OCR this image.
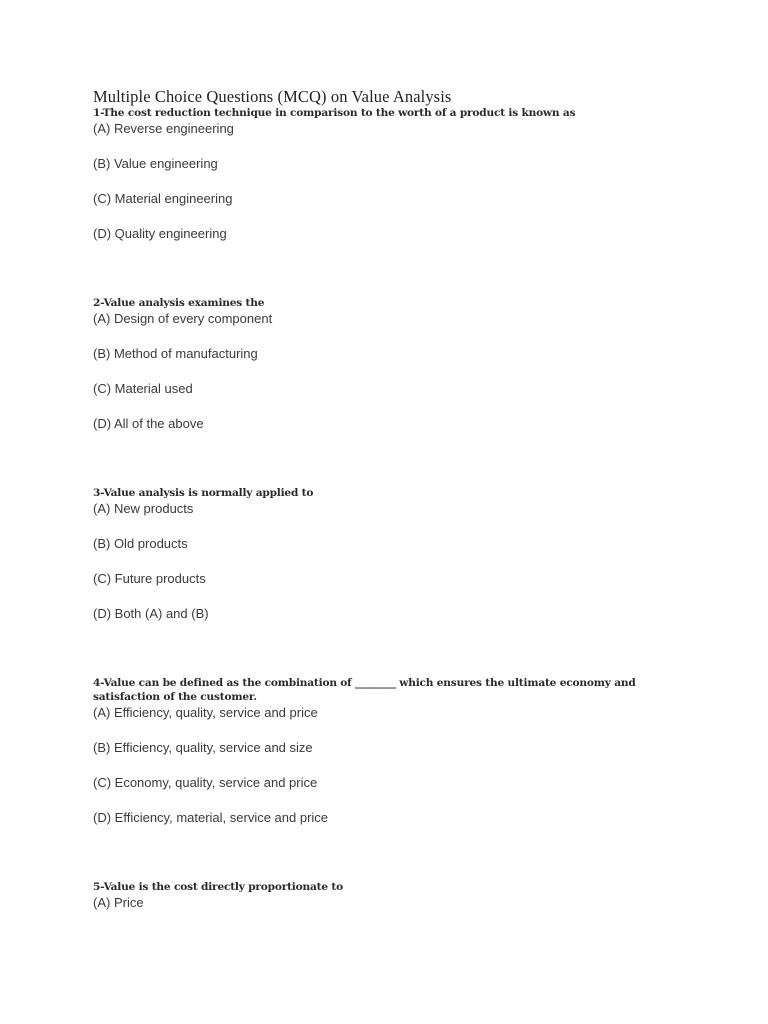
Multiple Choice Questions (MCQ) on Value Analysis

1-The cost reduction technique in comparison to the worth of a product is known as

(A) Reverse engineering
(B) Value engineering
(C) Material engineering
(D) Quality engineering

2-Value analysis examines the

(A) Design of every component
(B) Method of manufacturing
(C) Material used
(D) All of the above

3-Value analysis is normally applied to

(A) New products
(B) Old products
(C) Future products
(D) Both (A) and (B)

4-Value can be defined as the combination of ________ which ensures the ultimate economy and satisfaction of the customer.

(A) Efficiency, quality, service and price
(B) Efficiency, quality, service and size
(C) Economy, quality, service and price
(D) Efficiency, material, service and price

5-Value is the cost directly proportionate to

(A) Price
